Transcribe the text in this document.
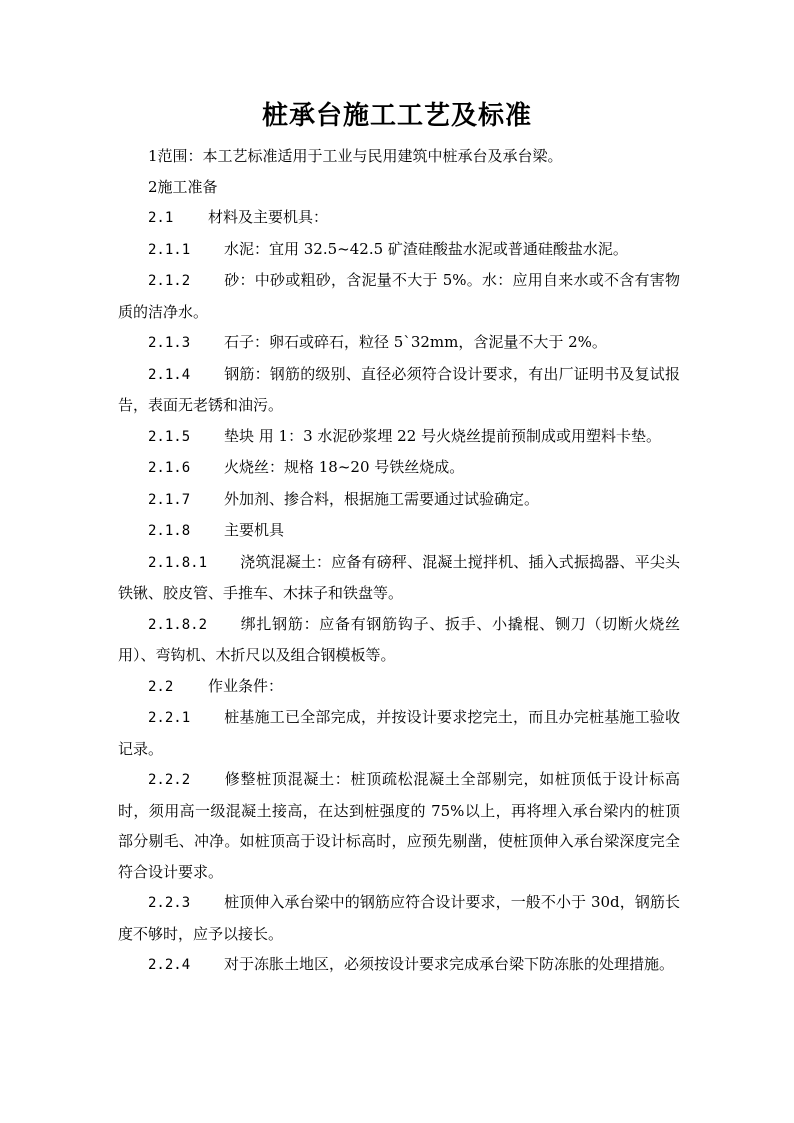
桩承台施工工艺及标准

1范围：本工艺标准适用于工业与民用建筑中桩承台及承台梁。

2施工准备

2.1 材料及主要机具：

2.1.1 水泥：宜用 32.5~42.5 矿渣硅酸盐水泥或普通硅酸盐水泥。

2.1.2 砂：中砂或粗砂，含泥量不大于 5%。水：应用自来水或不含有害物质的洁净水。

2.1.3 石子：卵石或碎石，粒径 5`32mm，含泥量不大于 2%。

2.1.4 钢筋：钢筋的级别、直径必须符合设计要求，有出厂证明书及复试报告，表面无老锈和油污。

2.1.5 垫块 用 1：3 水泥砂浆埋 22 号火烧丝提前预制成或用塑料卡垫。

2.1.6 火烧丝：规格 18~20 号铁丝烧成。

2.1.7 外加剂、掺合料，根据施工需要通过试验确定。

2.1.8 主要机具

2.1.8.1 浇筑混凝土：应备有磅秤、混凝土搅拌机、插入式振捣器、平尖头铁锹、胶皮管、手推车、木抹子和铁盘等。

2.1.8.2 绑扎钢筋：应备有钢筋钩子、扳手、小撬棍、铡刀（切断火烧丝用）、弯钩机、木折尺以及组合钢模板等。

2.2 作业条件：

2.2.1 桩基施工已全部完成，并按设计要求挖完土，而且办完桩基施工验收记录。

2.2.2 修整桩顶混凝土：桩顶疏松混凝土全部剔完，如桩顶低于设计标高时，须用高一级混凝土接高，在达到桩强度的 75%以上，再将埋入承台梁内的桩顶部分剔毛、冲净。如桩顶高于设计标高时，应预先剔凿，使桩顶伸入承台梁深度完全符合设计要求。

2.2.3 桩顶伸入承台梁中的钢筋应符合设计要求，一般不小于 30d，钢筋长度不够时，应予以接长。

2.2.4 对于冻胀土地区，必须按设计要求完成承台梁下防冻胀的处理措施。
